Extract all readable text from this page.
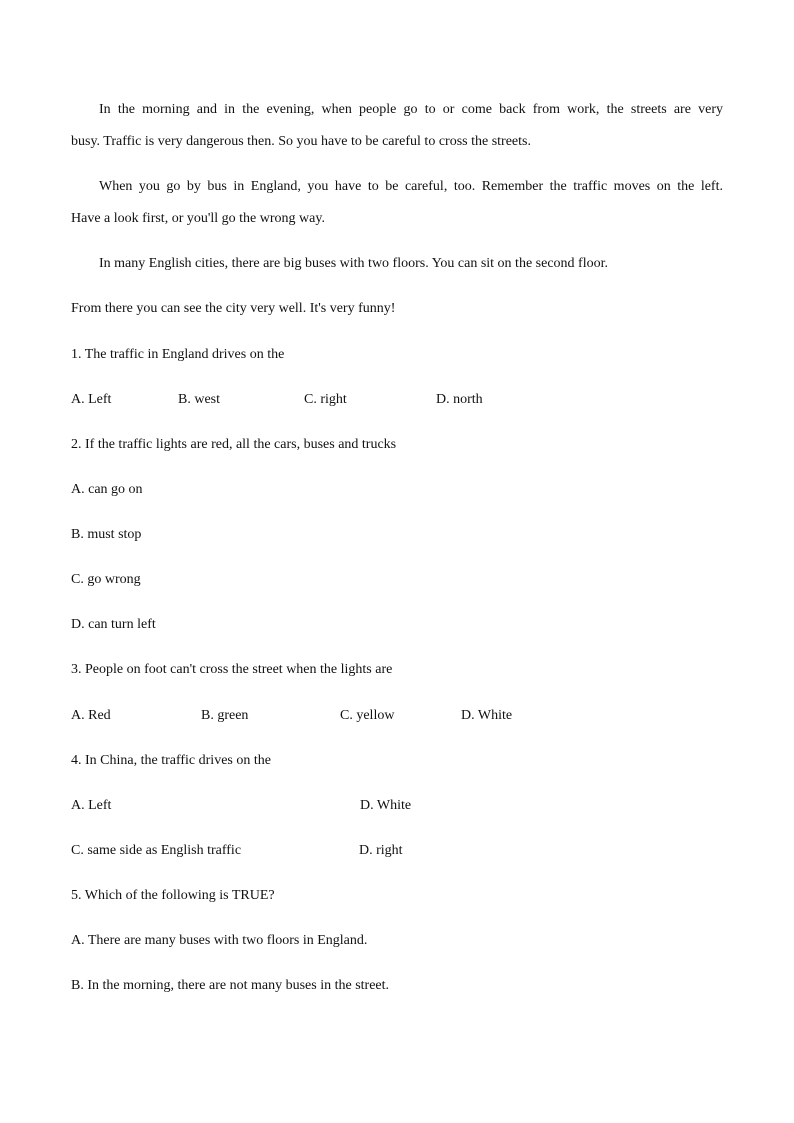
In the morning and in the evening, when people go to or come back from work, the streets are very
busy. Traffic is very dangerous then. So you have to be careful to cross the streets.
When you go by bus in England, you have to be careful, too. Remember the traffic moves on the left.
Have a look first, or you'll go the wrong way.
In many English cities, there are big buses with two floors. You can sit on the second floor.
From there you can see the city very well. It's very funny!
1. The traffic in England drives on the
A. Left	B. west	C. right	D. north
2. If the traffic lights are red, all the cars, buses and trucks
A. can go on
B. must stop
C. go wrong
D. can turn left
3. People on foot can't cross the street when the lights are
A. Red	B. green	C. yellow	D. White
4. In China, the traffic drives on the
A. Left	D. White
C. same side as English traffic	D. right
5. Which of the following is TRUE?
A. There are many buses with two floors in England.
B. In the morning, there are not many buses in the street.
